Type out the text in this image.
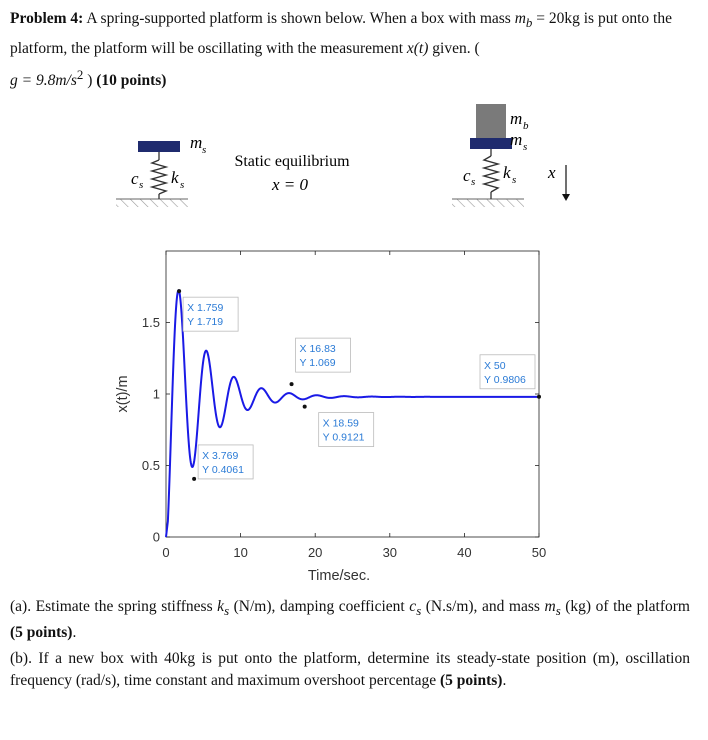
Problem 4: A spring-supported platform is shown below. When a box with mass $m_b = 20kg$ is put onto the platform, the platform will be oscillating with the measurement x(t) given. (
$g = 9.8m/s^2$ ) (10 points)
m s
k s
c s
Static equilibrium
x = 0
m b
m s
k s
c s	x
0	10	20	30	40	50
0
0.5
1
1.5
X 1.759
Y 1.719
X 3.769
Y 0.4061
X 16.83
Y 1.069
X 18.59
Y 0.9121
X 50
Y 0.9806
Time/sec.
x(t)/m
(a). Estimate the spring stiffness $k_s$ (N/m), damping coefficient $c_s$ (N.s/m), and mass $m_s$ (kg) of the platform (5 points).
(b). If a new box with 40kg is put onto the platform, determine its steady-state position (m), oscillation frequency (rad/s), time constant and maximum overshoot percentage (5 points).
